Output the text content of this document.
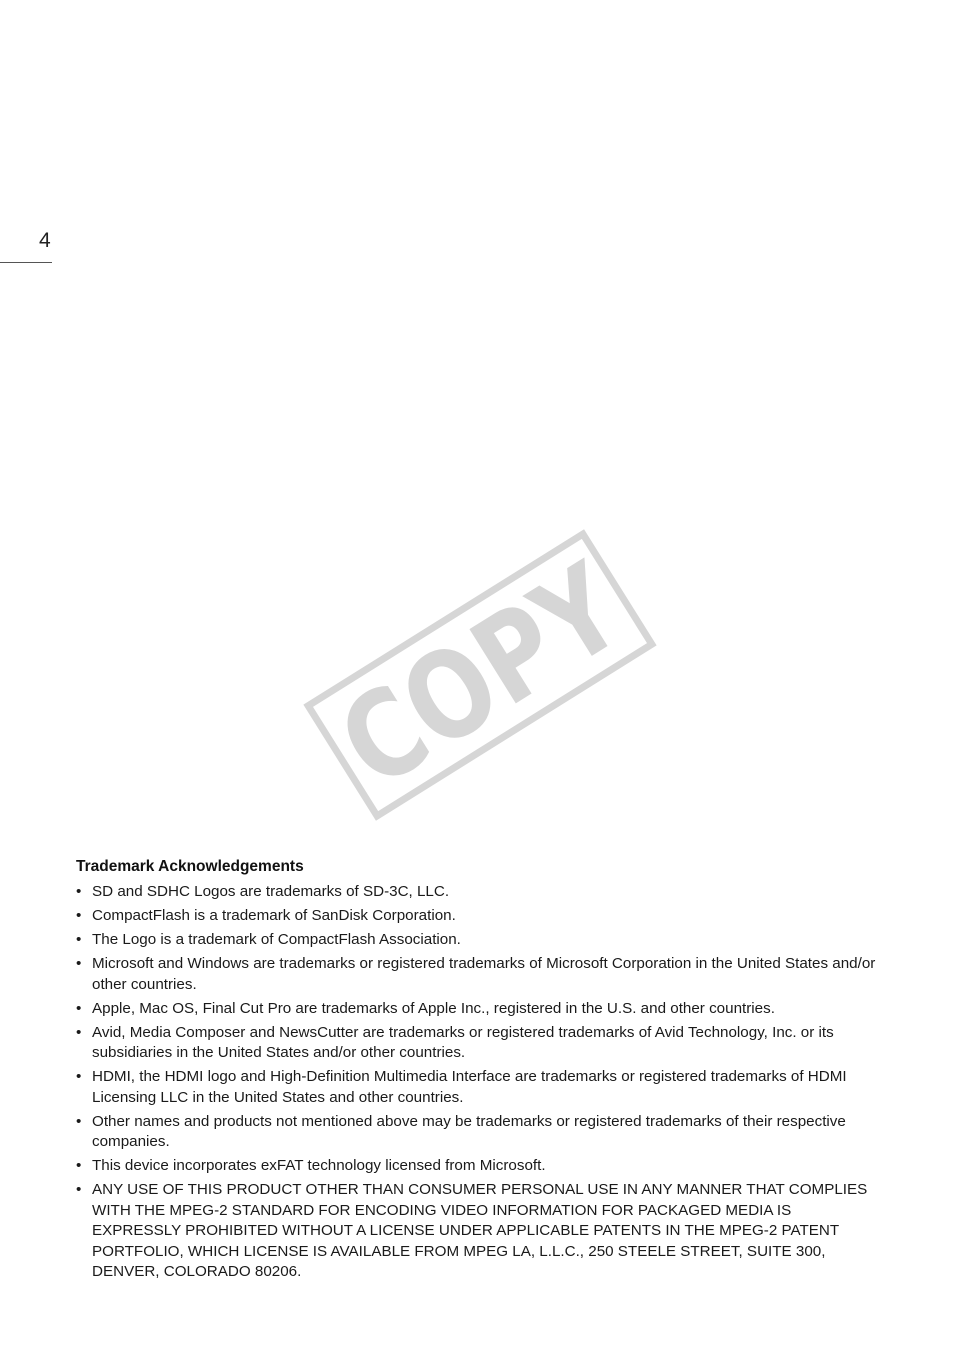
4
COPY
Trademark Acknowledgements
• SD and SDHC Logos are trademarks of SD-3C, LLC.
• CompactFlash is a trademark of SanDisk Corporation.
• The Logo is a trademark of CompactFlash Association.
• Microsoft and Windows are trademarks or registered trademarks of Microsoft Corporation in the United States and/or other countries.
• Apple, Mac OS, Final Cut Pro are trademarks of Apple Inc., registered in the U.S. and other countries.
• Avid, Media Composer and NewsCutter are trademarks or registered trademarks of Avid Technology, Inc. or its subsidiaries in the United States and/or other countries.
• HDMI, the HDMI logo and High-Definition Multimedia Interface are trademarks or registered trademarks of HDMI Licensing LLC in the United States and other countries.
• Other names and products not mentioned above may be trademarks or registered trademarks of their respective companies.
• This device incorporates exFAT technology licensed from Microsoft.
• ANY USE OF THIS PRODUCT OTHER THAN CONSUMER PERSONAL USE IN ANY MANNER THAT COMPLIES WITH THE MPEG-2 STANDARD FOR ENCODING VIDEO INFORMATION FOR PACKAGED MEDIA IS EXPRESSLY PROHIBITED WITHOUT A LICENSE UNDER APPLICABLE PATENTS IN THE MPEG-2 PATENT PORTFOLIO, WHICH LICENSE IS AVAILABLE FROM MPEG LA, L.L.C., 250 STEELE STREET, SUITE 300, DENVER, COLORADO 80206.
